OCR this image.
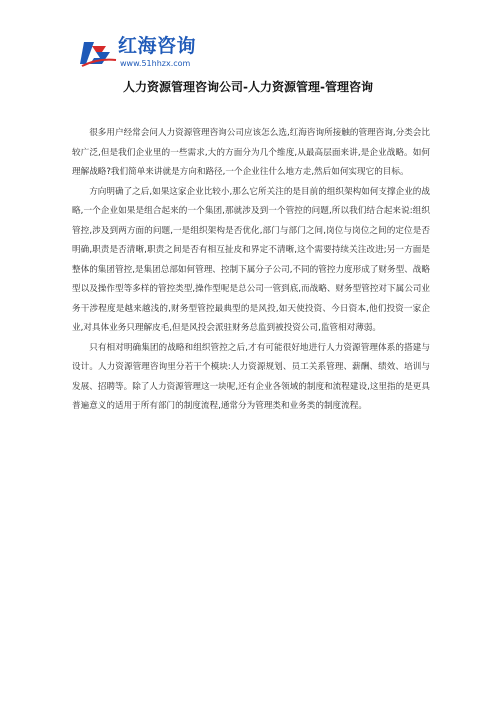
红海咨询
www.51hhzx.com
人力资源管理咨询公司-人力资源管理-管理咨询

很多用户经常会问人力资源管理咨询公司应该怎么选,红海咨询所接触的管理咨询,分类会比较广泛,但是我们企业里的一些需求,大的方面分为几个维度,从最高层面来讲,是企业战略。如何理解战略?我们简单来讲就是方向和路径,一个企业往什么地方走,然后如何实现它的目标。

方向明确了之后,如果这家企业比较小,那么它所关注的是目前的组织架构如何支撑企业的战略,一个企业如果是组合起来的一个集团,那就涉及到一个管控的问题,所以我们结合起来说:组织管控,涉及到两方面的问题,一是组织架构是否优化,部门与部门之间,岗位与岗位之间的定位是否明确,职责是否清晰,职责之间是否有相互扯皮和界定不清晰,这个需要持续关注改进;另一方面是整体的集团管控,是集团总部如何管理、控制下属分子公司,不同的管控力度形成了财务型、战略型以及操作型等多样的管控类型,操作型呢是总公司一管到底,而战略、财务型管控对下属公司业务干涉程度是越来越浅的,财务型管控最典型的是风投,如天使投资、今日资本,他们投资一家企业,对具体业务只理解皮毛,但是风投会派驻财务总监到被投资公司,监管相对薄弱。

只有相对明确集团的战略和组织管控之后,才有可能很好地进行人力资源管理体系的搭建与设计。人力资源管理咨询里分若干个模块:人力资源规划、员工关系管理、薪酬、绩效、培训与发展、招聘等。除了人力资源管理这一块呢,还有企业各领域的制度和流程建设,这里指的是更具普遍意义的适用于所有部门的制度流程,通常分为管理类和业务类的制度流程。
